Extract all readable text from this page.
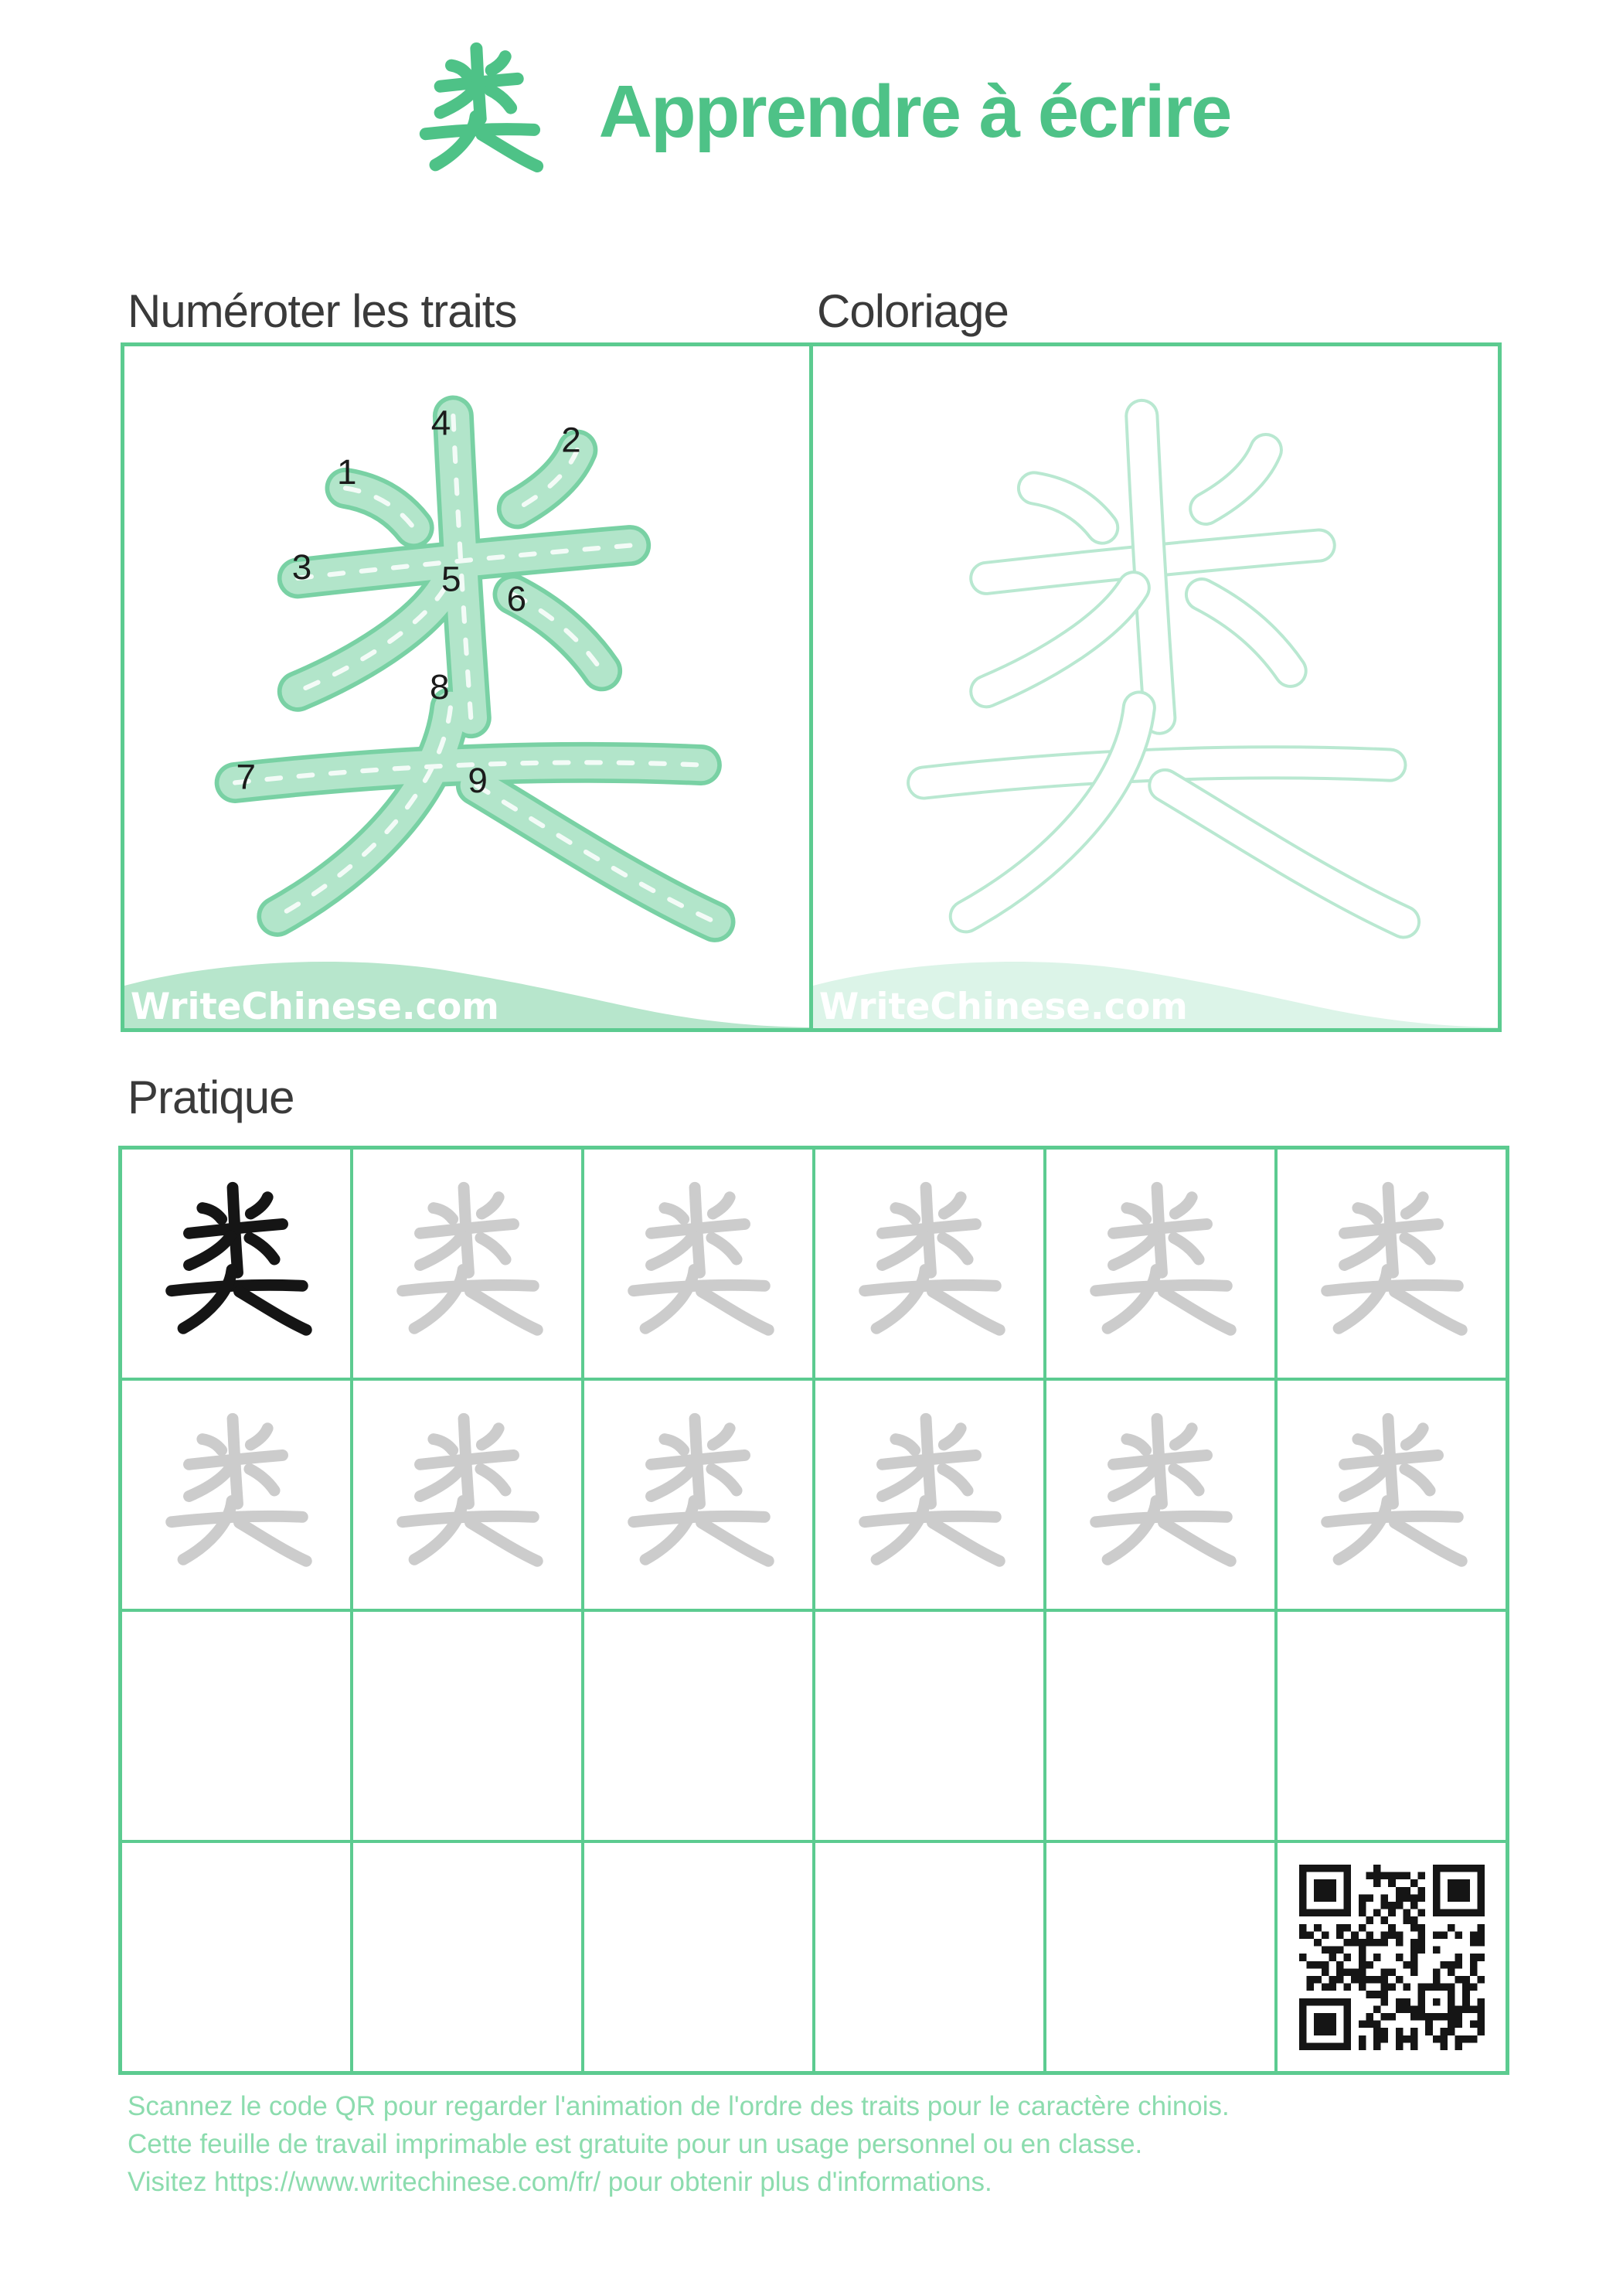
Apprendre à écrire
Numéroter les traits	Coloriage
1
2
3
4
5 6
7
8
9
WriteChinese.com	WriteChinese.com
Pratique
Scannez le code QR pour regarder l'animation de l'ordre des traits pour le caractère chinois.
Cette feuille de travail imprimable est gratuite pour un usage personnel ou en classe.
Visitez https://www.writechinese.com/fr/ pour obtenir plus d'informations.
